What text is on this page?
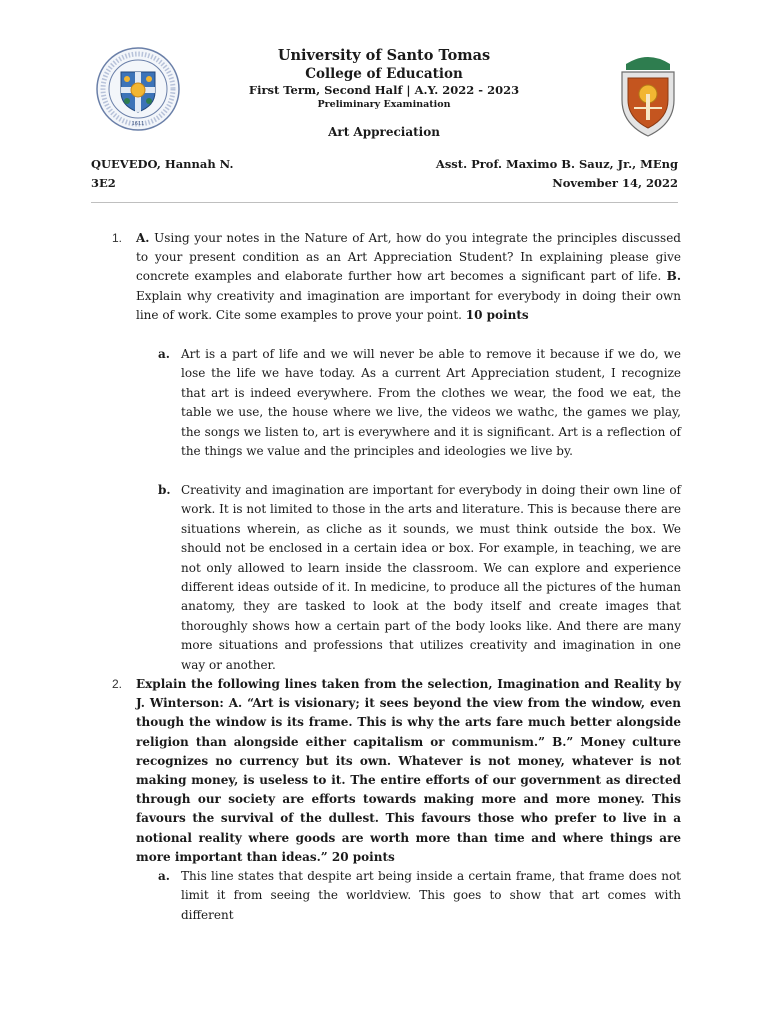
1611
University of Santo Tomas
College of Education
First Term, Second Half | A.Y. 2022 - 2023
Preliminary Examination
Art Appreciation
QUEVEDO, Hannah N.
3E2
Asst. Prof. Maximo B. Sauz, Jr., MEng
November 14, 2022
1. A. Using your notes in the Nature of Art, how do you integrate the principles discussed to your present condition as an Art Appreciation Student? In explaining please give concrete examples and elaborate further how art becomes a significant part of life. B. Explain why creativity and imagination are important for everybody in doing their own line of work. Cite some examples to prove your point. 10 points
a. Art is a part of life and we will never be able to remove it because if we do, we lose the life we have today. As a current Art Appreciation student, I recognize that art is indeed everywhere. From the clothes we wear, the food we eat, the table we use, the house where we live, the videos we wathc, the games we play, the songs we listen to, art is everywhere and it is significant. Art is a reflection of the things we value and the principles and ideologies we live by.
b. Creativity and imagination are important for everybody in doing their own line of work. It is not limited to those in the arts and literature. This is because there are situations wherein, as cliche as it sounds, we must think outside the box. We should not be enclosed in a certain idea or box. For example, in teaching, we are not only allowed to learn inside the classroom. We can explore and experience different ideas outside of it. In medicine, to produce all the pictures of the human anatomy, they are tasked to look at the body itself and create images that thoroughly shows how a certain part of the body looks like. And there are many more situations and professions that utilizes creativity and imagination in one way or another.
2. Explain the following lines taken from the selection, Imagination and Reality by J. Winterson: A. “Art is visionary; it sees beyond the view from the window, even though the window is its frame. This is why the arts fare much better alongside religion than alongside either capitalism or communism.” B.” Money culture recognizes no currency but its own. Whatever is not money, whatever is not making money, is useless to it. The entire efforts of our government as directed through our society are efforts towards making more and more money. This favours the survival of the dullest. This favours those who prefer to live in a notional reality where goods are worth more than time and where things are more important than ideas.” 20 points
a. This line states that despite art being inside a certain frame, that frame does not limit it from seeing the worldview. This goes to show that art comes with different
